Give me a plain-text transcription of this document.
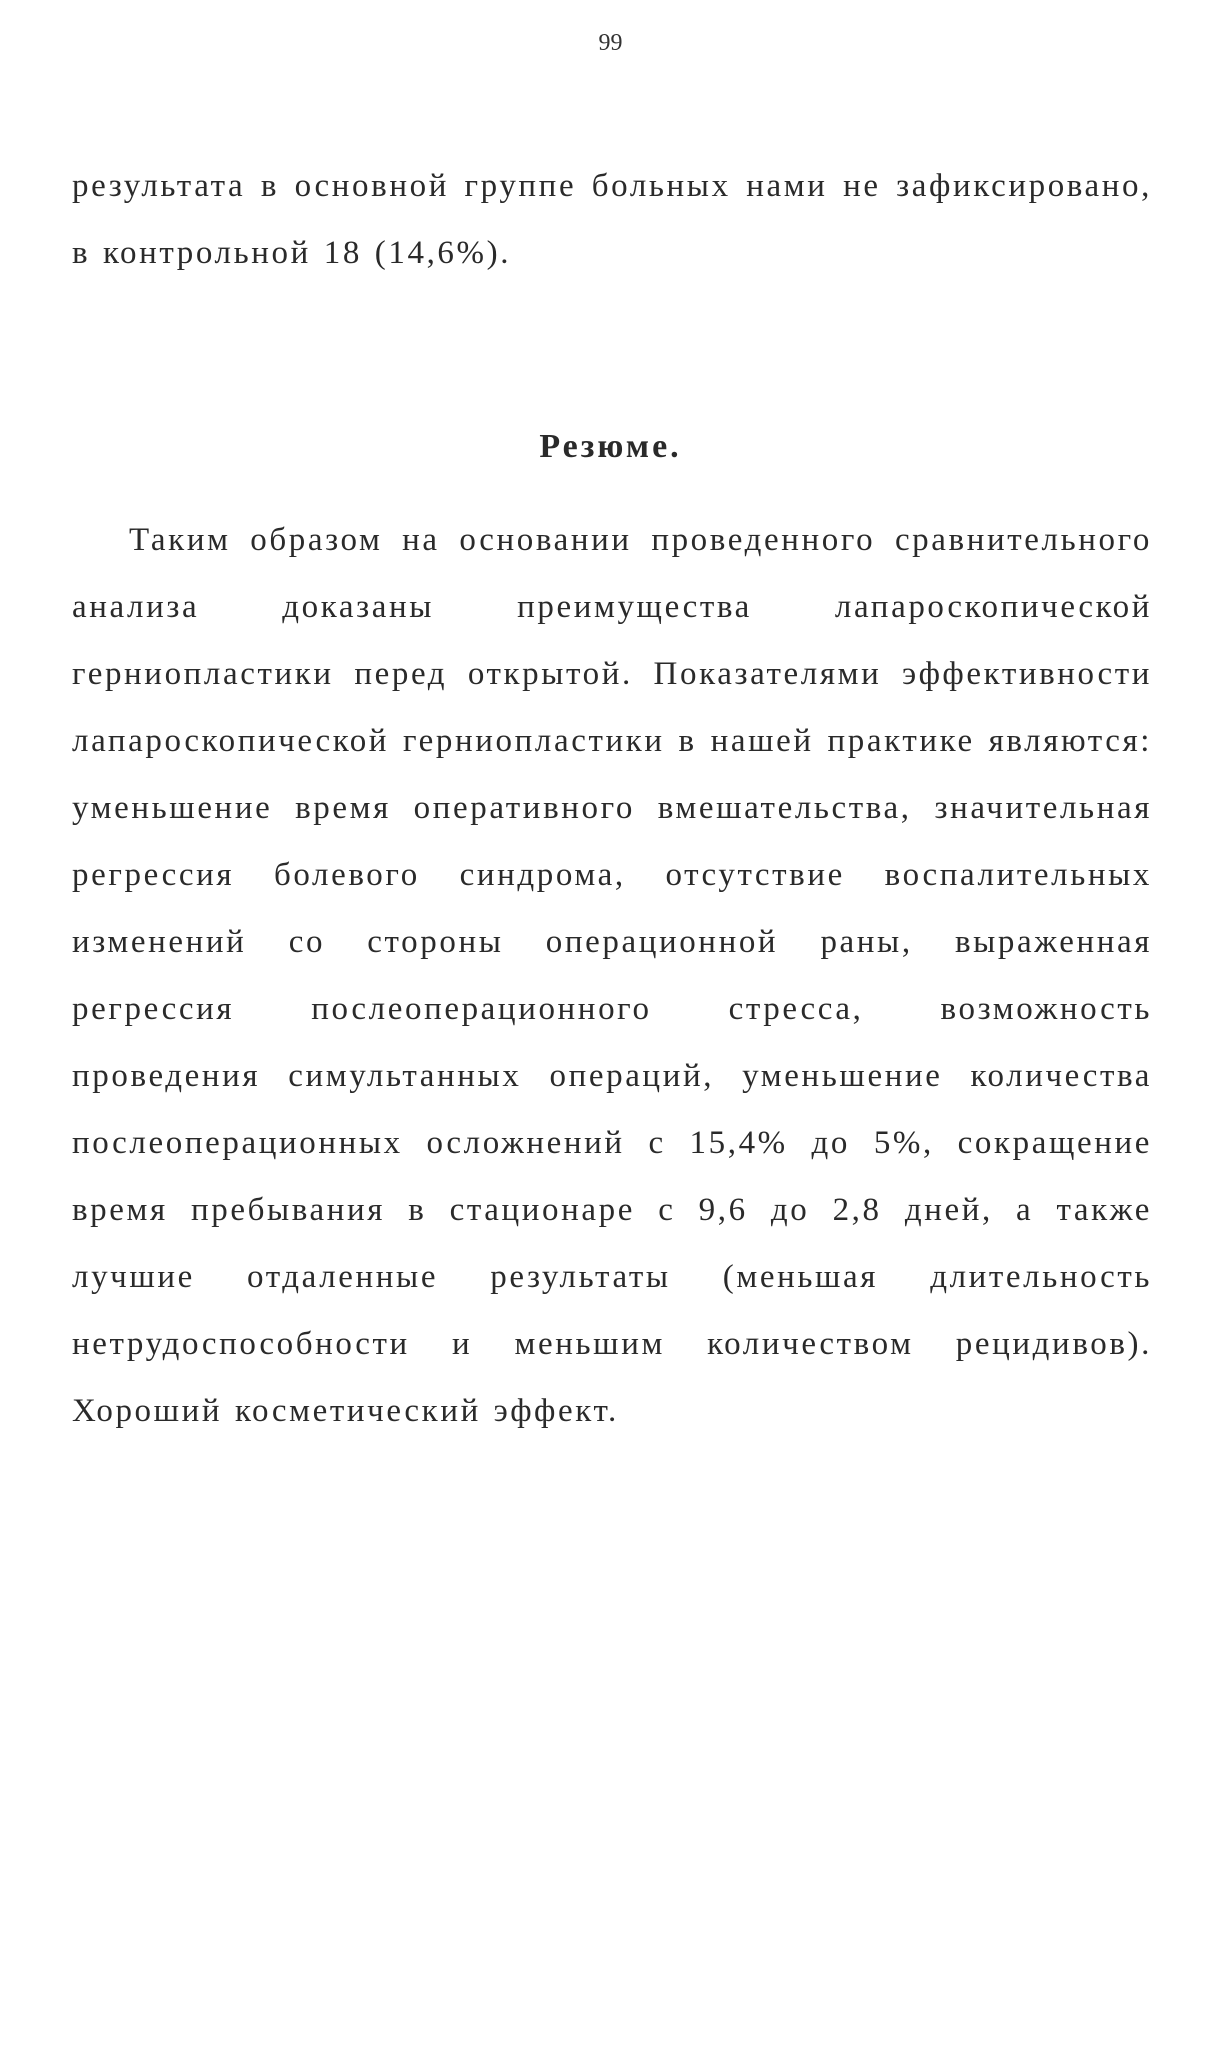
99

результата в основной группе больных нами не зафиксировано, в контрольной 18 (14,6%).

Резюме.

Таким образом на основании проведенного сравнительного анализа доказаны преимущества лапароскопической герниопластики перед открытой. Показателями эффективности лапароскопической герниопластики в нашей практике являются: уменьшение время оперативного вмешательства, значительная регрессия болевого синдрома, отсутствие воспалительных изменений со стороны операционной раны, выраженная регрессия послеоперационного стресса, возможность проведения симультанных операций, уменьшение количества послеоперационных осложнений с 15,4% до 5%, сокращение время пребывания в стационаре с 9,6 до 2,8 дней, а также лучшие отдаленные результаты (меньшая длительность нетрудоспособности и меньшим количеством рецидивов). Хороший косметический эффект.
